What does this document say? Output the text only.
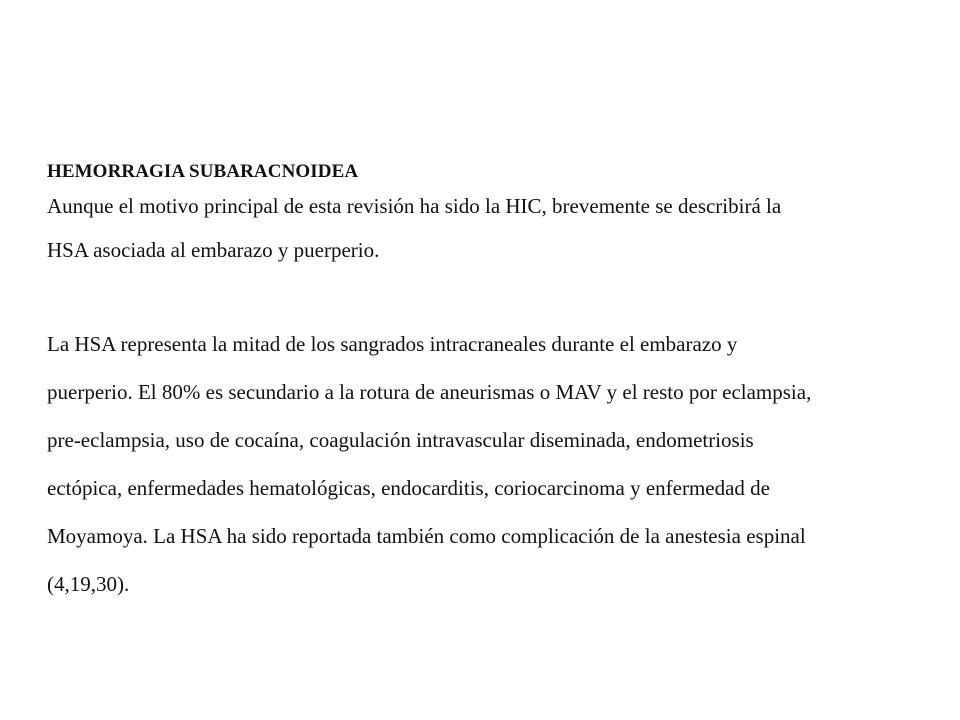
HEMORRAGIA SUBARACNOIDEA
Aunque el motivo principal de esta revisión ha sido la HIC, brevemente se describirá la
HSA asociada al embarazo y puerperio.
La HSA representa la mitad de los sangrados intracraneales durante el embarazo y
puerperio. El 80% es secundario a la rotura de aneurismas o MAV y el resto por eclampsia,
pre-eclampsia, uso de cocaína, coagulación intravascular diseminada, endometriosis
ectópica, enfermedades hematológicas, endocarditis, coriocarcinoma y enfermedad de
Moyamoya. La HSA ha sido reportada también como complicación de la anestesia espinal
(4,19,30).
